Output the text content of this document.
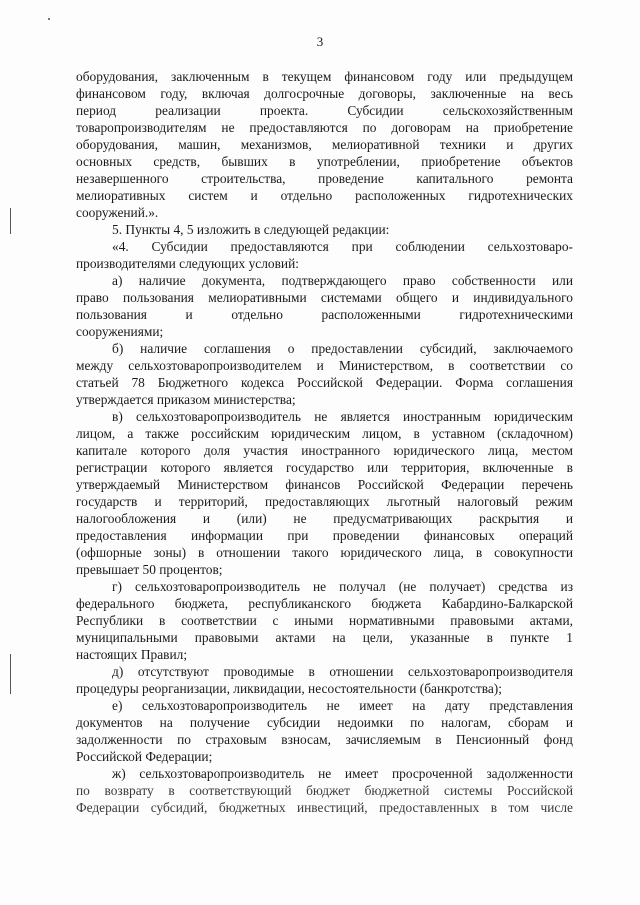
3
оборудования, заключенным в текущем финансовом году или предыдущем
финансовом году, включая долгосрочные договоры, заключенные на весь
период реализации проекта. Субсидии сельскохозяйственным
товаропроизводителям не предоставляются по договорам на приобретение
оборудования, машин, механизмов, мелиоративной техники и других
основных средств, бывших в употреблении, приобретение объектов
незавершенного строительства, проведение капитального ремонта
мелиоративных систем и отдельно расположенных гидротехнических
сооружений.».
5. Пункты 4, 5 изложить в следующей редакции:
«4. Субсидии предоставляются при соблюдении сельхозтоваро-
производителями следующих условий:
а) наличие документа, подтверждающего право собственности или
право пользования мелиоративными системами общего и индивидуального
пользования и отдельно расположенными гидротехническими
сооружениями;
б) наличие соглашения о предоставлении субсидий, заключаемого
между сельхозтоваропроизводителем и Министерством, в соответствии со
статьей 78 Бюджетного кодекса Российской Федерации. Форма соглашения
утверждается приказом министерства;
в) сельхозтоваропроизводитель не является иностранным юридическим
лицом, а также российским юридическим лицом, в уставном (складочном)
капитале которого доля участия иностранного юридического лица, местом
регистрации которого является государство или территория, включенные в
утверждаемый Министерством финансов Российской Федерации перечень
государств и территорий, предоставляющих льготный налоговый режим
налогообложения и (или) не предусматривающих раскрытия и
предоставления информации при проведении финансовых операций
(офшорные зоны) в отношении такого юридического лица, в совокупности
превышает 50 процентов;
г) сельхозтоваропроизводитель не получал (не получает) средства из
федерального бюджета, республиканского бюджета Кабардино-Балкарской
Республики в соответствии с иными нормативными правовыми актами,
муниципальными правовыми актами на цели, указанные в пункте 1
настоящих Правил;
д) отсутствуют проводимые в отношении сельхозтоваропроизводителя
процедуры реорганизации, ликвидации, несостоятельности (банкротства);
е) сельхозтоваропроизводитель не имеет на дату представления
документов на получение субсидии недоимки по налогам, сборам и
задолженности по страховым взносам, зачисляемым в Пенсионный фонд
Российской Федерации;
ж) сельхозтоваропроизводитель не имеет просроченной задолженности
по возврату в соответствующий бюджет бюджетной системы Российской
Федерации субсидий, бюджетных инвестиций, предоставленных в том числе
